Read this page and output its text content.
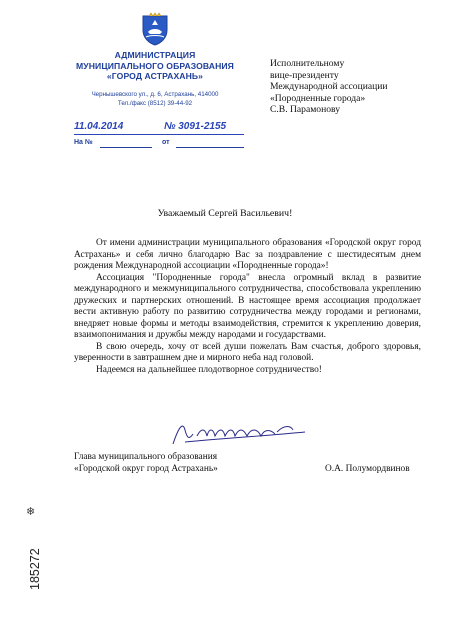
АДМИНИСТРАЦИЯ
МУНИЦИПАЛЬНОГО ОБРАЗОВАНИЯ
«ГОРОД АСТРАХАНЬ»
Чернышевского ул., д. 6, Астрахань, 414000
Тел./факс (8512) 39-44-92
11.04.2014	№ 3091-2155
На №	от
Исполнительному
вице-президенту
Международной ассоциации
«Породненные города»
С.В. Парамонову
Уважаемый Сергей Васильевич!

От имени администрации муниципального образования «Городской округ город Астрахань» и себя лично благодарю Вас за поздравление с шестидесятым днем рождения Международной ассоциации «Породненные города»!

Ассоциация "Породненные города" внесла огромный вклад в развитие международного и межмуниципального сотрудничества, способствовала укреплению дружеских и партнерских отношений. В настоящее время ассоциация продолжает вести активную работу по развитию сотрудничества между городами и регионами, внедряет новые формы и методы взаимодействия, стремится к укреплению доверия, взаимопонимания и дружбы между народами и государствами.

В свою очередь, хочу от всей души пожелать Вам счастья, доброго здоровья, уверенности в завтрашнем дне и мирного неба над головой.

Надеемся на дальнейшее плодотворное сотрудничество!

Глава муниципального образования
«Городской округ город Астрахань»	О.А. Полумордвинов
❄
185272
